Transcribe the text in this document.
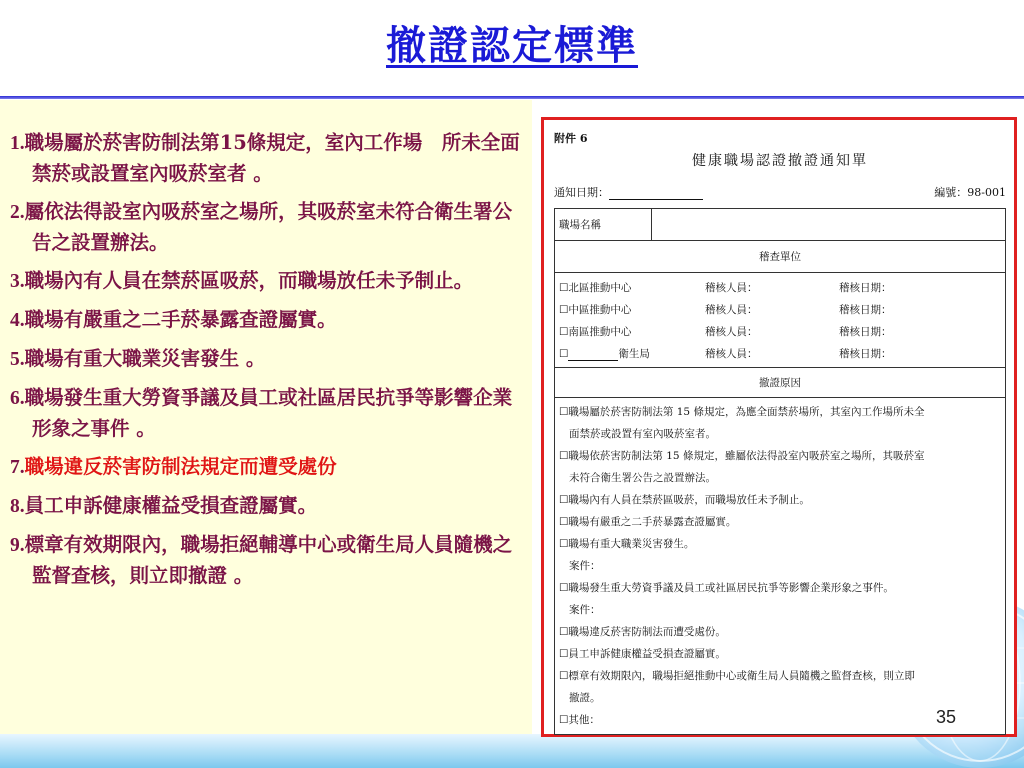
撤證認定標準
1.職場屬於菸害防制法第15條規定，室內工作場　所未全面禁菸或設置室內吸菸室者 。
2.屬依法得設室內吸菸室之場所，其吸菸室未符合衛生署公告之設置辦法。
3.職場內有人員在禁菸區吸菸，而職場放任未予制止。
4.職場有嚴重之二手菸暴露查證屬實。
5.職場有重大職業災害發生 。
6.職場發生重大勞資爭議及員工或社區居民抗爭等影響企業形象之事件 。
7.職場違反菸害防制法規定而遭受處份
8.員工申訴健康權益受損查證屬實。
9.標章有效期限內，職場拒絕輔導中心或衛生局人員隨機之監督查核，則立即撤證 。
附件 6
健康職場認證撤證通知單
通知日期：	編號：98-001
職場名稱	
稽查單位

☐北區推動中心	稽核人員：	稽核日期：
☐中區推動中心	稽核人員：	稽核日期：
☐南區推動中心	稽核人員：	稽核日期：
☐	衛生局	稽核人員：	稽核日期：

撤證原因

☐職場屬於菸害防制法第 15 條規定，為應全面禁菸場所，其室內工作場所未全
面禁菸或設置有室內吸菸室者。
☐職場依菸害防制法第 15 條規定，雖屬依法得設室內吸菸室之場所，其吸菸室
未符合衛生署公告之設置辦法。
☐職場內有人員在禁菸區吸菸，而職場放任未予制止。
☐職場有嚴重之二手菸暴露查證屬實。
☐職場有重大職業災害發生。
案件：
☐職場發生重大勞資爭議及員工或社區居民抗爭等影響企業形象之事件。
案件：
☐職場違反菸害防制法而遭受處份。
☐員工申訴健康權益受損查證屬實。
☐標章有效期限內，職場拒絕推動中心或衛生局人員隨機之監督查核，則立即
撤證。
☐其他：	35
